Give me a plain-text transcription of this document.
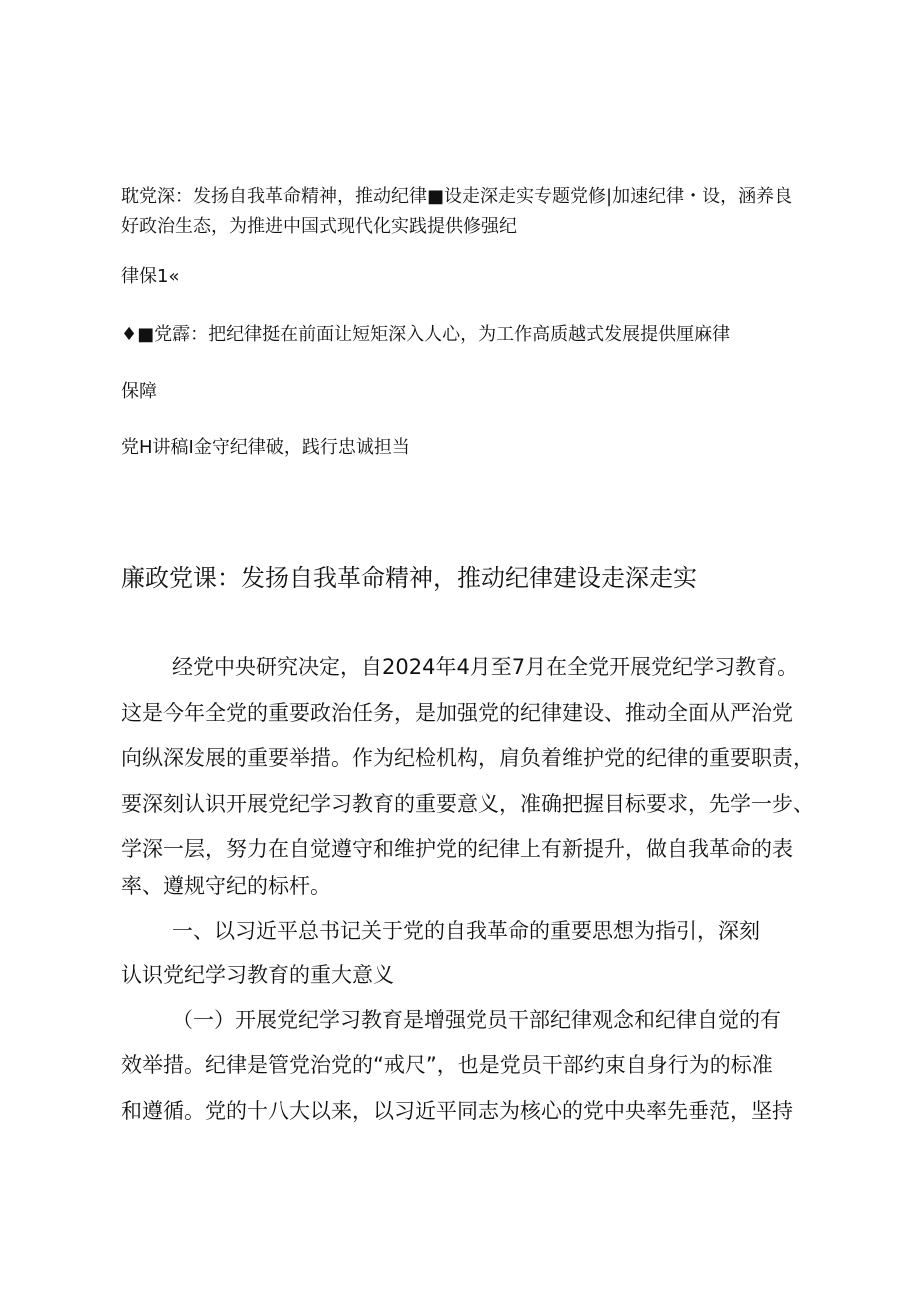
耽党深：发扬自我革命精神，推动纪律■设走深走实专题党修|加速纪律・设，涵养良
好政治生态，为推进中国式现代化实践提供修强纪
律保1«
♦■党霹：把纪律挺在前面让短矩深入人心，为工作高质越式发展提供厘麻律
保障
党H讲稿I金守纪律破，践行忠诚担当
廉政党课：发扬自我革命精神，推动纪律建设走深走实
经党中央研究决定，自2024年4月至7月在全党开展党纪学习教育。
这是今年全党的重要政治任务，是加强党的纪律建设、推动全面从严治党
向纵深发展的重要举措。作为纪检机构，肩负着维护党的纪律的重要职责，
要深刻认识开展党纪学习教育的重要意义，准确把握目标要求，先学一步、
学深一层，努力在自觉遵守和维护党的纪律上有新提升，做自我革命的表
率、遵规守纪的标杆。
一、以习近平总书记关于党的自我革命的重要思想为指引，深刻
认识党纪学习教育的重大意义
（一）开展党纪学习教育是增强党员干部纪律观念和纪律自觉的有
效举措。纪律是管党治党的“戒尺”，也是党员干部约束自身行为的标准
和遵循。党的十八大以来，以习近平同志为核心的党中央率先垂范，坚持
